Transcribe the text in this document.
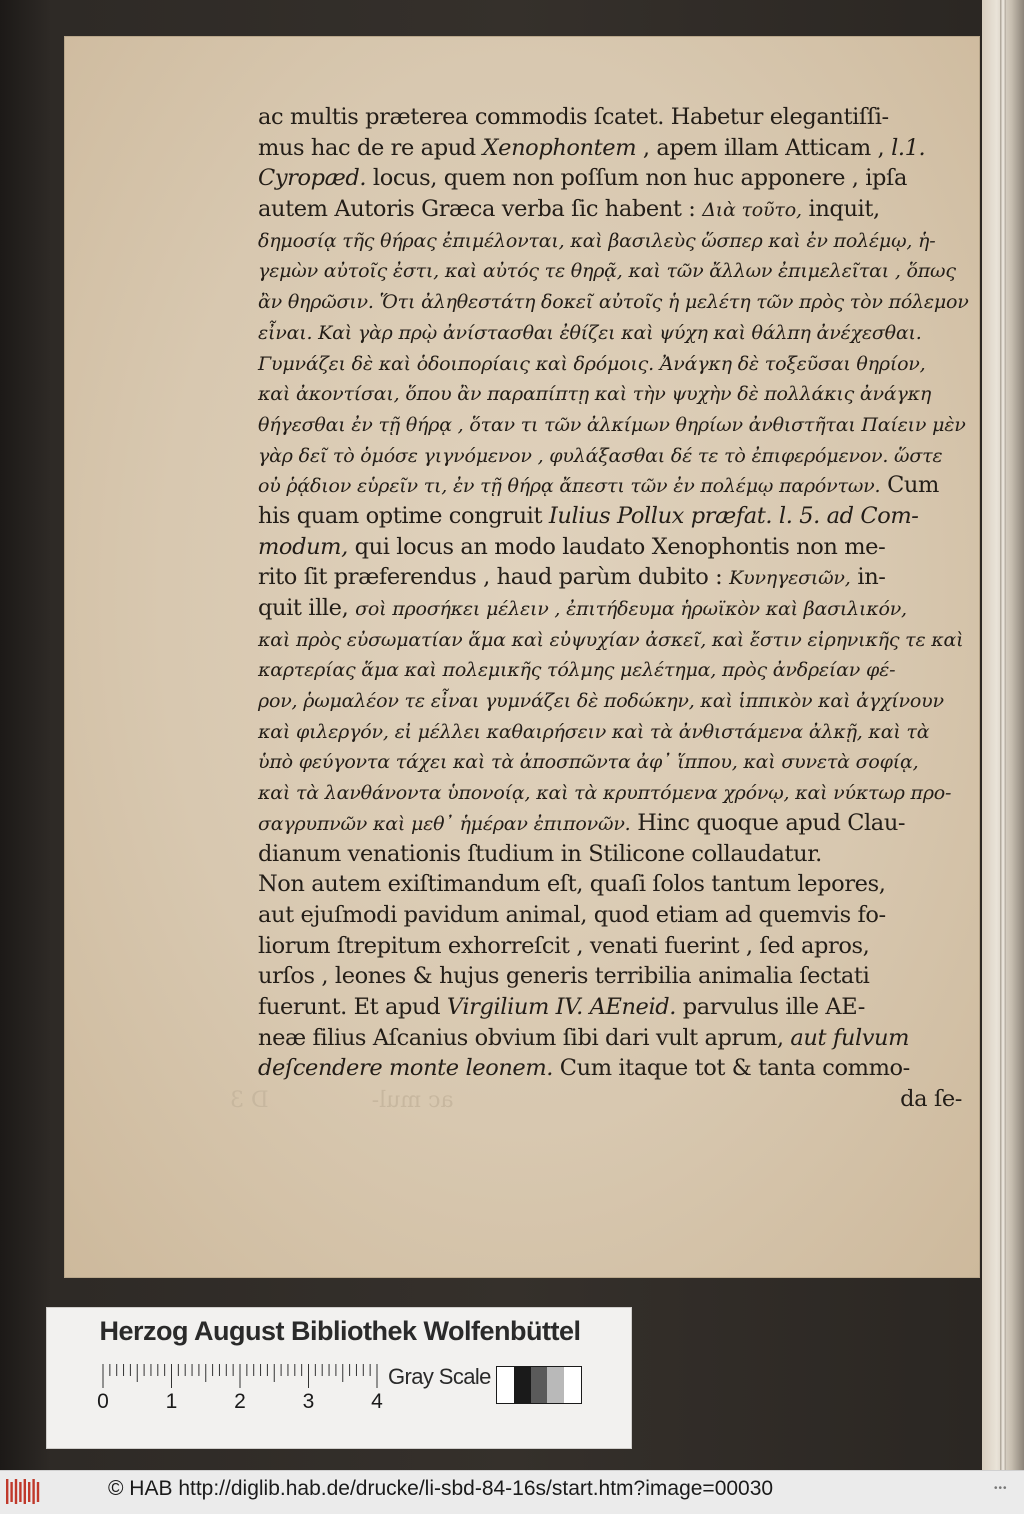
ac mul- D 3
ac multis præterea commodis ſcatet. Habetur elegantiſſi-
mus hac de re apud Xenophontem , apem illam Atticam , l.1.
Cyropæd. locus, quem non poſſum non huc apponere , ipſa
autem Autoris Græca verba ſic habent : Διὰ τοῦτο, inquit,
δημοσίᾳ τῆς θήρας ἐπιμέλονται, καὶ βασιλεὺς ὥσπερ καὶ ἐν πολέμῳ, ἡ-
γεμὼν αὐτοῖς ἐστι, καὶ αὐτός τε θηρᾷ, καὶ τῶν ἄλλων ἐπιμελεῖται , ὅπως
ἂν θηρῶσιν. Ὅτι ἀληθεστάτη δοκεῖ αὐτοῖς ἡ μελέτη τῶν πρὸς τὸν πόλεμον
εἶναι. Καὶ γὰρ πρῲ ἀνίστασθαι ἐθίζει καὶ ψύχη καὶ θάλπη ἀνέχεσθαι.
Γυμνάζει δὲ καὶ ὁδοιπορίαις καὶ δρόμοις. Ἀνάγκη δὲ τοξεῦσαι θηρίον,
καὶ ἀκοντίσαι, ὅπου ἂν παραπίπτῃ καὶ τὴν ψυχὴν δὲ πολλάκις ἀνάγκη
θήγεσθαι ἐν τῇ θήρᾳ , ὅταν τι τῶν ἀλκίμων θηρίων ἀνθιστῆται Παίειν μὲν
γὰρ δεῖ τὸ ὁμόσε γιγνόμενον , φυλάξασθαι δέ τε τὸ ἐπιφερόμενον. ὥστε
οὐ ῥᾴδιον εὑρεῖν τι, ἐν τῇ θήρᾳ ἄπεστι τῶν ἐν πολέμῳ παρόντων. Cum
his quam optime congruit Iulius Pollux præfat. l. 5. ad Com-
modum, qui locus an modo laudato Xenophontis non me-
rito ſit præferendus , haud parùm dubito : Κυνηγεσιῶν, in-
quit ille, σοὶ προσήκει μέλειν , ἐπιτήδευμα ἡρωϊκὸν καὶ βασιλικόν,
καὶ πρὸς εὐσωματίαν ἅμα καὶ εὐψυχίαν ἀσκεῖ, καὶ ἔστιν εἰρηνικῆς τε καὶ
καρτερίας ἅμα καὶ πολεμικῆς τόλμης μελέτημα, πρὸς ἀνδρείαν φέ-
ρον, ῥωμαλέον τε εἶναι γυμνάζει δὲ ποδώκην, καὶ ἱππικὸν καὶ ἀγχίνουν
καὶ φιλεργόν, εἰ μέλλει καθαιρήσειν καὶ τὰ ἀνθιστάμενα ἀλκῇ, καὶ τὰ
ὑπὸ φεύγοντα τάχει καὶ τὰ ἀποσπῶντα ἀφ᾽ ἵππου, καὶ συνετὰ σοφίᾳ,
καὶ τὰ λανθάνοντα ὑπονοίᾳ, καὶ τὰ κρυπτόμενα χρόνῳ, καὶ νύκτωρ προ-
σαγρυπνῶν καὶ μεθ᾽ ἡμέραν ἐπιπονῶν. Hinc quoque apud Clau-
dianum venationis ſtudium in Stilicone collaudatur.
Non autem exiſtimandum eſt, quaſi ſolos tantum lepores,
aut ejuſmodi pavidum animal, quod etiam ad quemvis fo-
liorum ſtrepitum exhorreſcit , venati fuerint , ſed apros,
urſos , leones & hujus generis terribilia animalia ſectati
fuerunt. Et apud Virgilium IV. AEneid. parvulus ille AE-
neæ filius Aſcanius obvium ſibi dari vult aprum, aut fulvum
deſcendere monte leonem. Cum itaque tot & tanta commo-
da ſe-
Herzog August Bibliothek Wolfenbüttel
0	1	2	3	4
Gray Scale
© HAB http://diglib.hab.de/drucke/li-sbd-84-16s/start.htm?image=00030	•••
